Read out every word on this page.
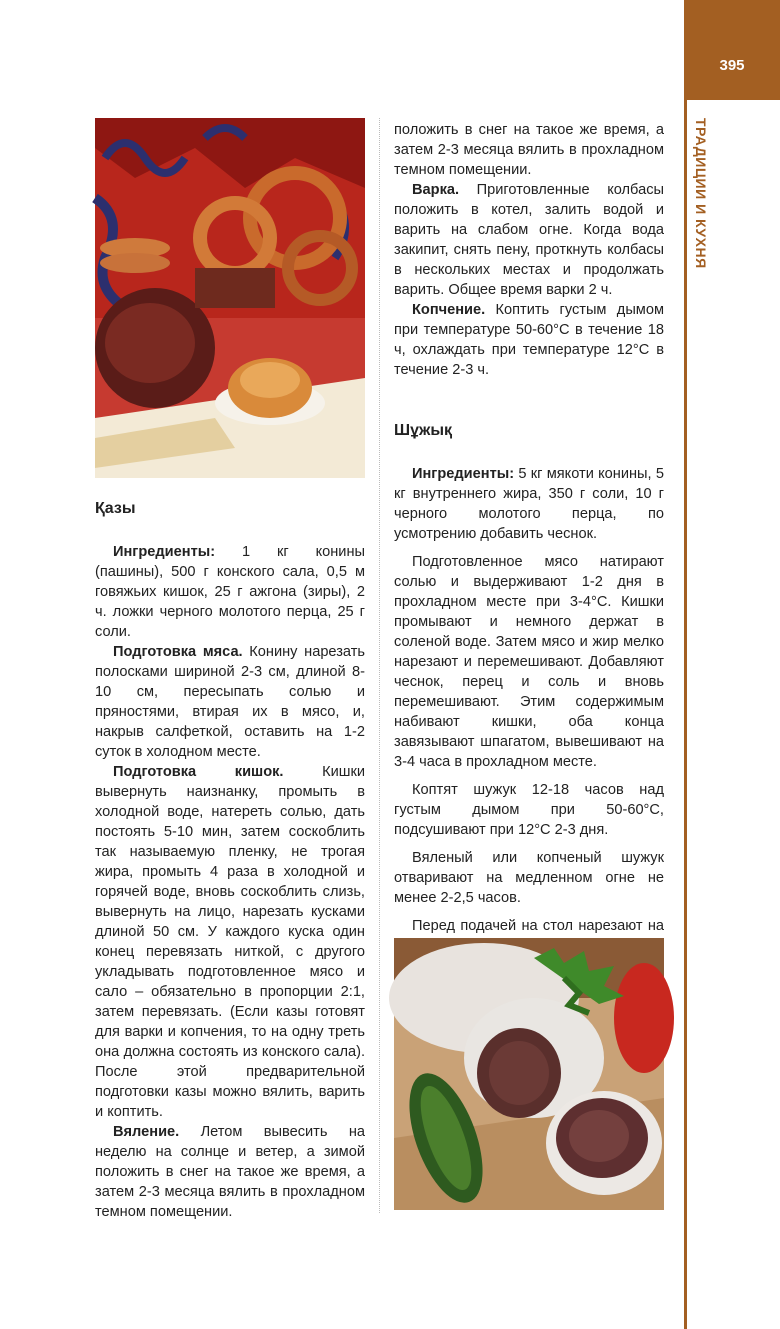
395
ТРАДИЦИИ И КУХНЯ
Қазы

Ингредиенты: 1 кг конины (пашины), 500 г конского сала, 0,5 м говяжьих кишок, 25 г ажгона (зиры), 2 ч. ложки черного молотого перца, 25 г соли.

Подготовка мяса. Конину нарезать полосками шириной 2-3 см, длиной 8-10 см, пересыпать солью и пряностями, втирая их в мясо, и, накрыв салфеткой, оставить на 1-2 суток в холодном месте.

Подготовка кишок. Кишки вывернуть наизнанку, промыть в холодной воде, натереть солью, дать постоять 5-10 мин, затем соскоблить так называемую пленку, не трогая жира, промыть 4 раза в холодной и горячей воде, вновь соскоблить слизь, вывернуть на лицо, нарезать кусками длиной 50 см. У каждого куска один конец перевязать ниткой, с другого укладывать подготовленное мясо и сало – обязательно в пропорции 2:1, затем перевязать. (Если казы готовят для варки и копчения, то на одну треть она должна состоять из конского сала). После этой предварительной подготовки казы можно вялить, варить и коптить.

Вяление. Летом вывесить на неделю на солнце и ветер, а зимой положить в снег на такое же время, а затем 2-3 месяца вялить в прохладном темном помещении.

положить в снег на такое же время, а затем 2-3 месяца вялить в прохладном темном помещении.

Варка. Приготовленные колбасы положить в котел, залить водой и варить на слабом огне. Когда вода закипит, снять пену, проткнуть колбасы в нескольких местах и продолжать варить. Общее время варки 2 ч.

Копчение. Коптить густым дымом при температуре 50-60°С в течение 18 ч, охлаждать при температуре 12°С в течение 2-3 ч.

Шұжық

Ингредиенты: 5 кг мякоти конины, 5 кг внутреннего жира, 350 г соли, 10 г черного молотого перца, по усмотрению добавить чеснок.

Подготовленное мясо натирают солью и выдерживают 1-2 дня в прохладном месте при 3-4°С. Кишки промывают и немного держат в соленой воде. Затем мясо и жир мелко нарезают и перемешивают. Добавляют чеснок, перец и соль и вновь перемешивают. Этим содержимым набивают кишки, оба конца завязывают шпагатом, вывешивают на 3-4 часа в прохладном месте.

Коптят шужук 12-18 часов над густым дымом при 50-60°С, подсушивают при 12°С 2-3 дня.

Вяленый или копченый шужук отваривают на медленном огне не менее 2-2,5 часов.

Перед подачей на стол нарезают на
